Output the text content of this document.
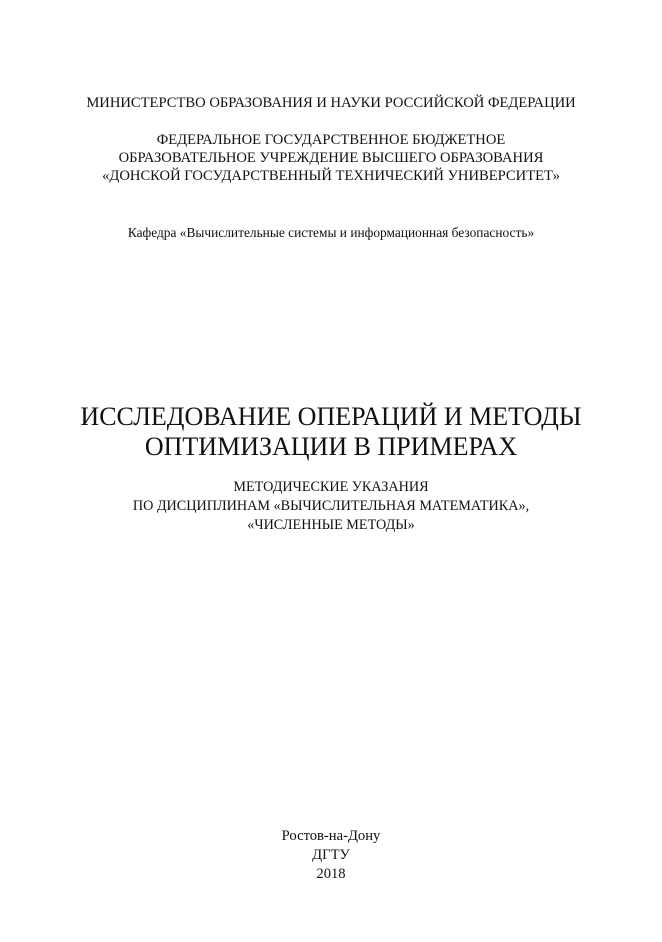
МИНИСТЕРСТВО ОБРАЗОВАНИЯ И НАУКИ РОССИЙСКОЙ ФЕДЕРАЦИИ
ФЕДЕРАЛЬНОЕ ГОСУДАРСТВЕННОЕ БЮДЖЕТНОЕ
ОБРАЗОВАТЕЛЬНОЕ УЧРЕЖДЕНИЕ ВЫСШЕГО ОБРАЗОВАНИЯ
«ДОНСКОЙ ГОСУДАРСТВЕННЫЙ ТЕХНИЧЕСКИЙ УНИВЕРСИТЕТ»
Кафедра «Вычислительные системы и информационная безопасность»
ИССЛЕДОВАНИЕ ОПЕРАЦИЙ И МЕТОДЫ
ОПТИМИЗАЦИИ В ПРИМЕРАХ
МЕТОДИЧЕСКИЕ УКАЗАНИЯ
ПО ДИСЦИПЛИНАМ «ВЫЧИСЛИТЕЛЬНАЯ МАТЕМАТИКА»,
«ЧИСЛЕННЫЕ МЕТОДЫ»
Ростов-на-Дону
ДГТУ
2018
